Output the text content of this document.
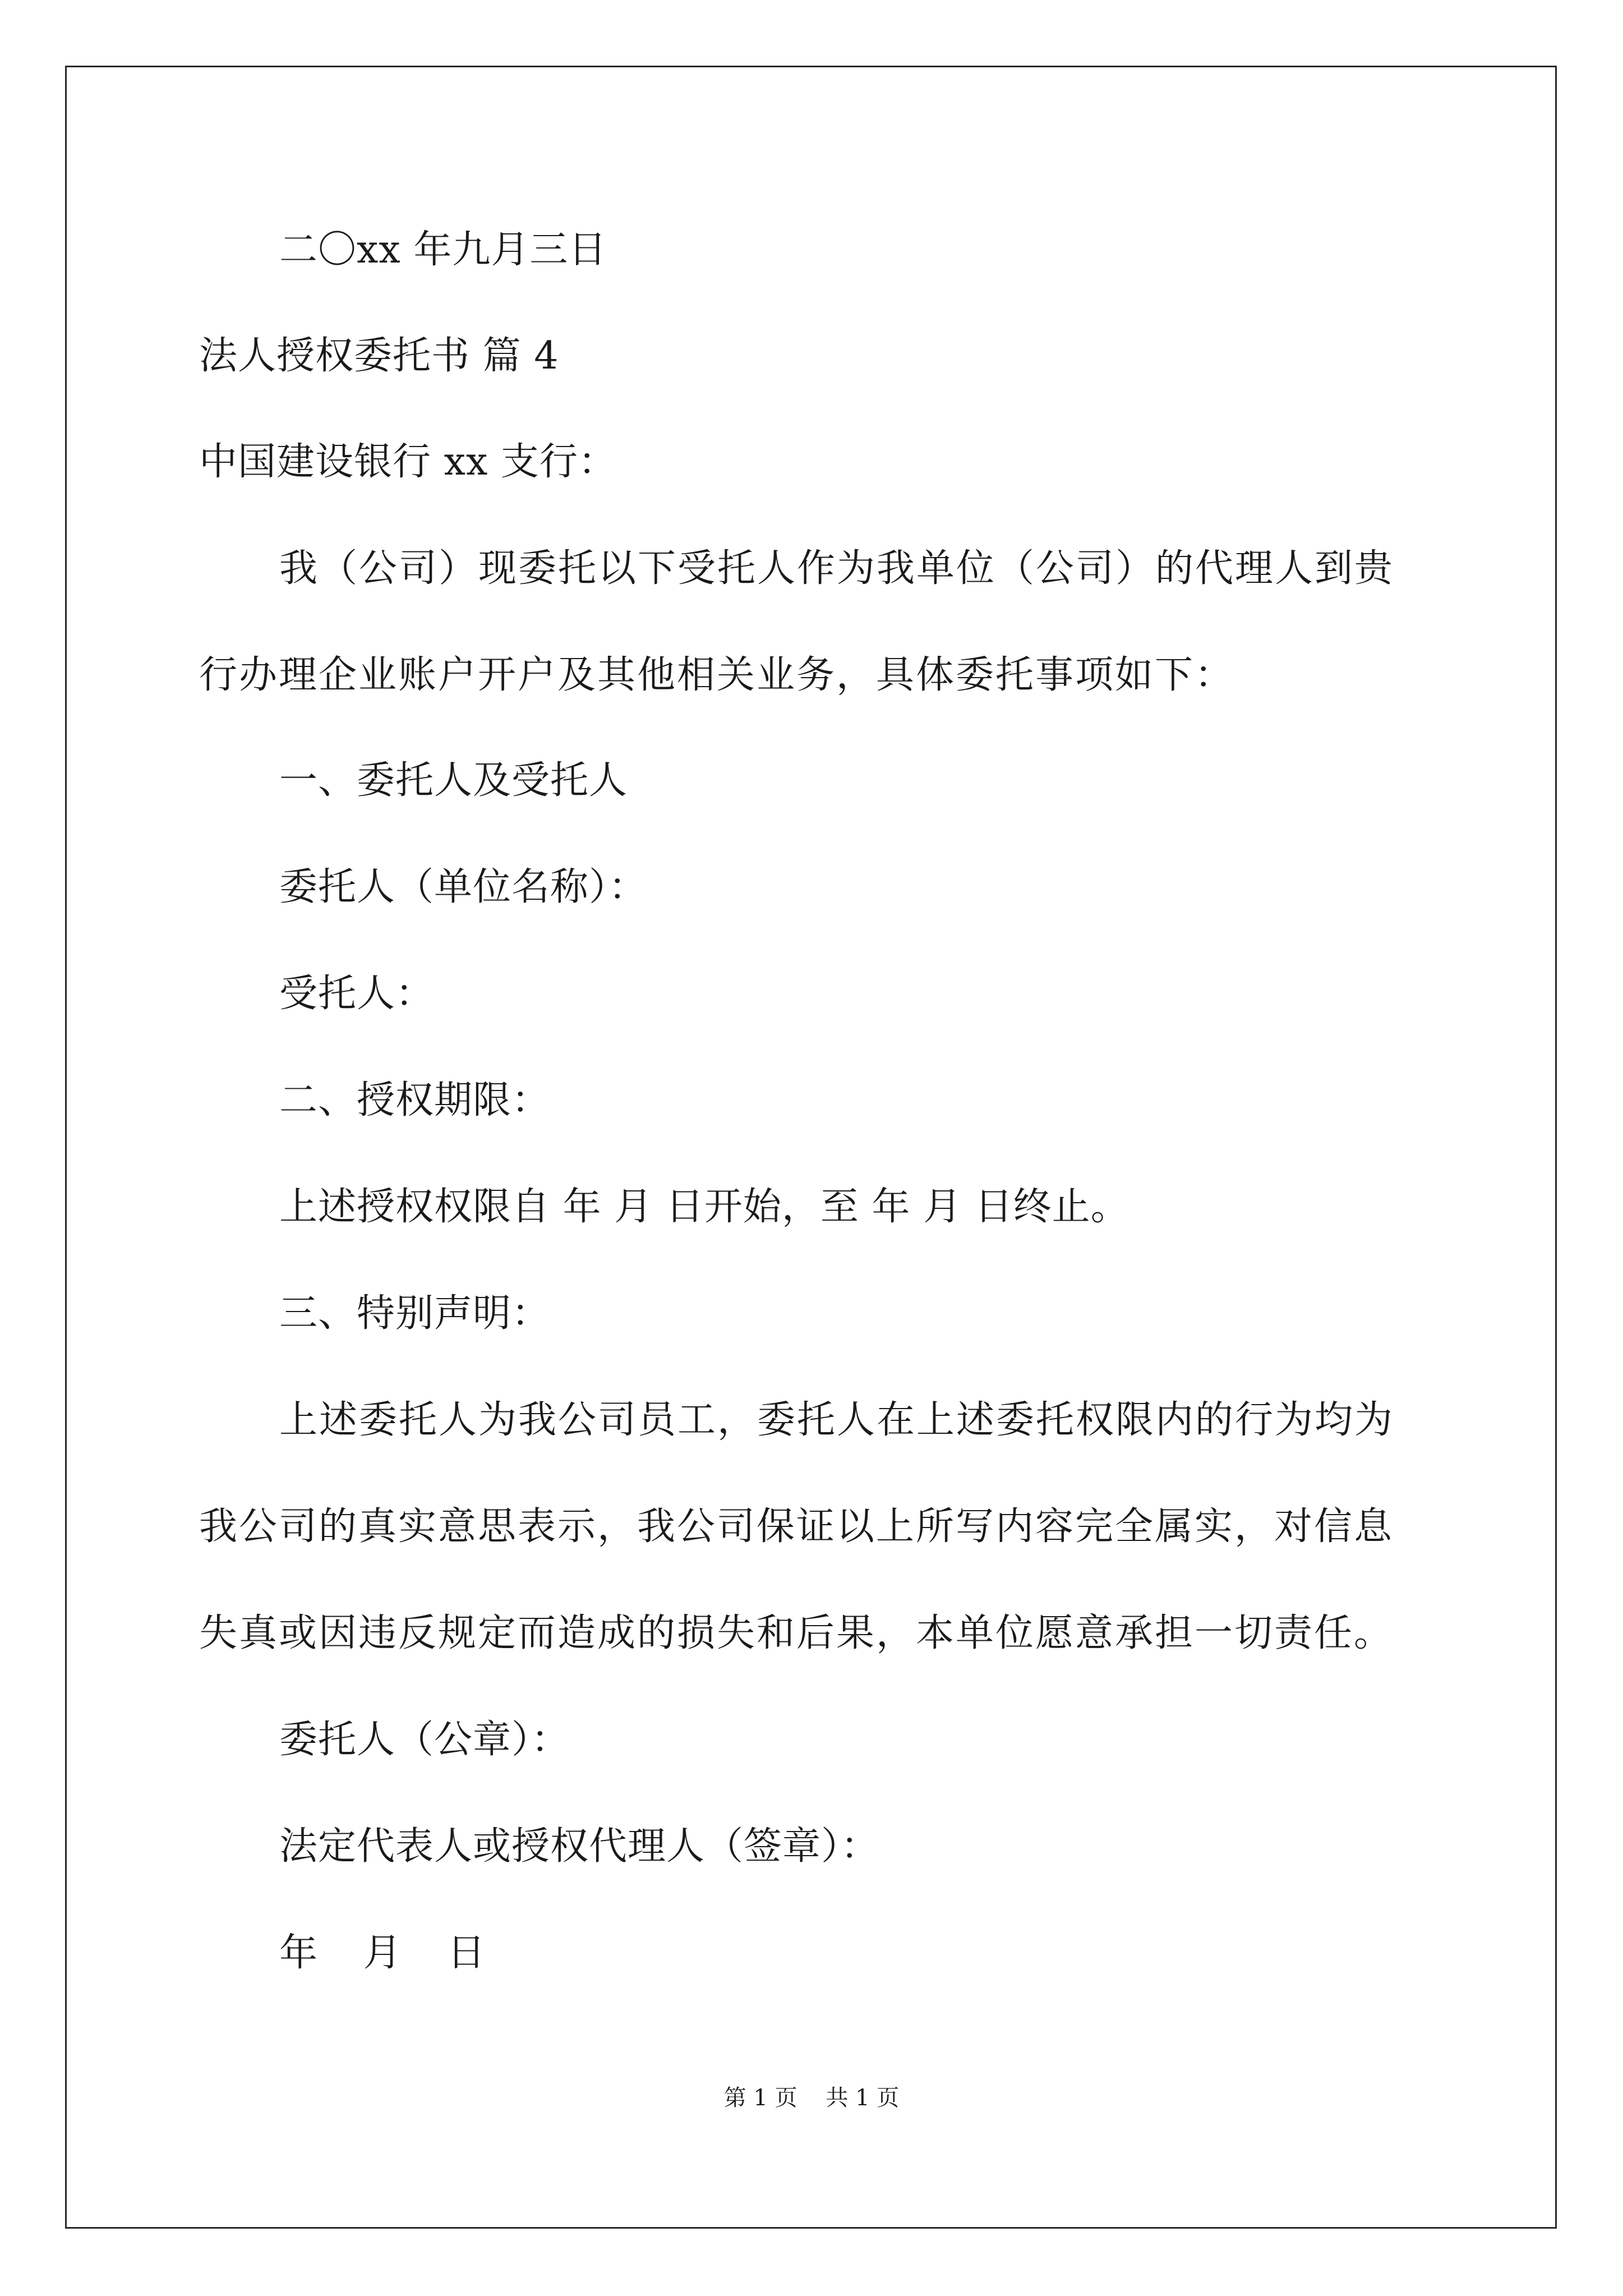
二〇xx 年九月三日
法人授权委托书 篇 4
中国建设银行 xx 支行：
我（公司）现委托以下受托人作为我单位（公司）的代理人到贵
行办理企业账户开户及其他相关业务，具体委托事项如下：
一、委托人及受托人
委托人（单位名称）：
受托人：
二、授权期限：
上述授权权限自 年 月 日开始，至 年 月 日终止。
三、特别声明：
上述委托人为我公司员工，委托人在上述委托权限内的行为均为
我公司的真实意思表示，我公司保证以上所写内容完全属实，对信息
失真或因违反规定而造成的损失和后果，本单位愿意承担一切责任。
委托人（公章）：
法定代表人或授权代理人（签章）：
年 月 日
第 1 页    共 1 页
